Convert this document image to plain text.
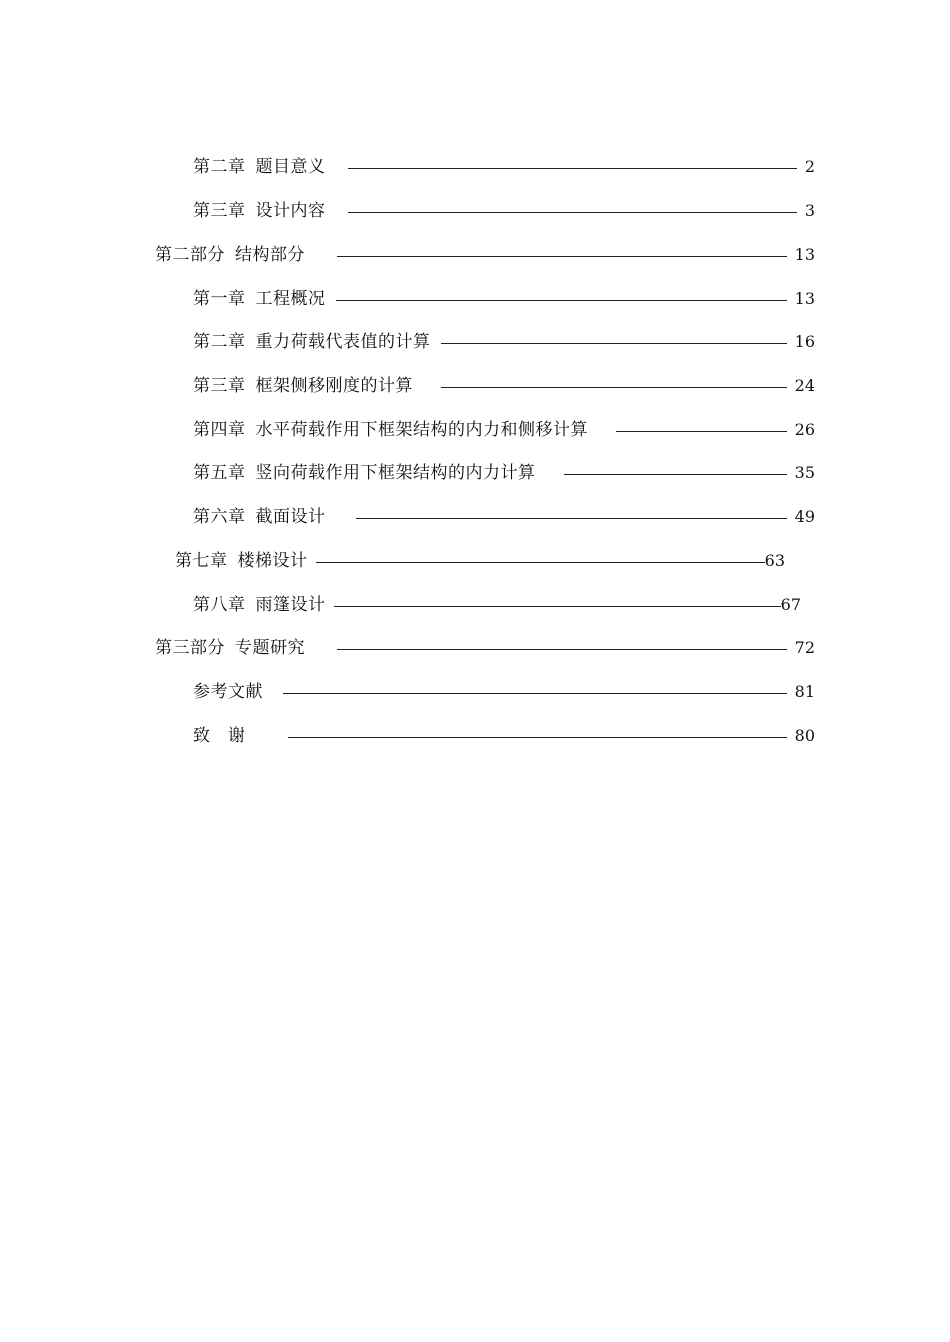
第二章 题目意义	2
第三章 设计内容	3
第二部分 结构部分	13
第一章 工程概况	13
第二章 重力荷载代表值的计算	16
第三章 框架侧移刚度的计算	24
第四章 水平荷载作用下框架结构的内力和侧移计算	26
第五章 竖向荷载作用下框架结构的内力计算	35
第六章 截面设计	49
第七章 楼梯设计	63
第八章 雨篷设计	67
第三部分 专题研究	72
参考文献	81
致　谢	80
